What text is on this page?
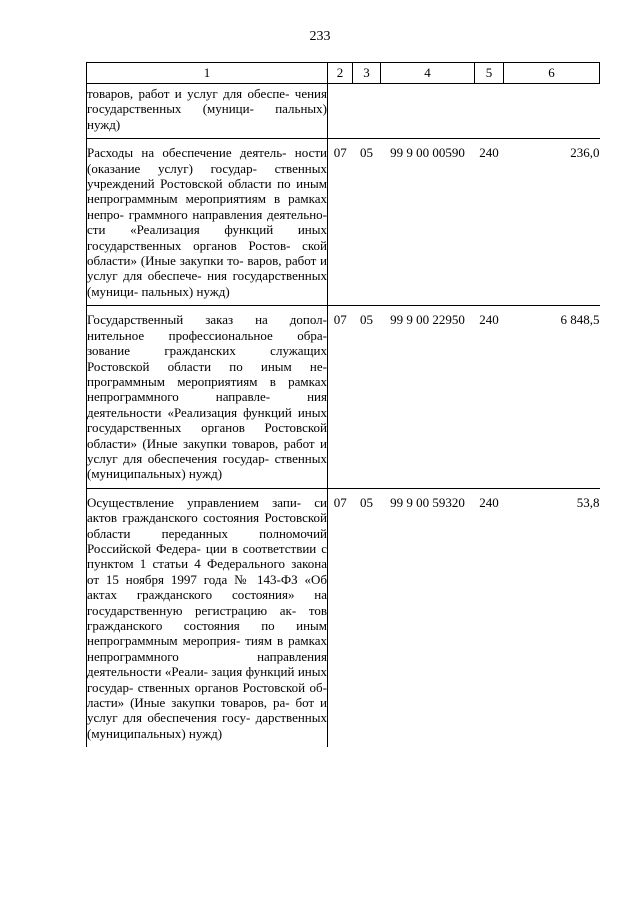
233
1	2	3	4	5	6
товаров, работ и услуг для обеспе- чения государственных (муници- пальных) нужд)					
Расходы на обеспечение деятель- ности (оказание услуг) государ- ственных учреждений Ростовской области по иным непрограммным мероприятиям в рамках непро- граммного направления деятельно- сти «Реализация функций иных государственных органов Ростов- ской области» (Иные закупки то- варов, работ и услуг для обеспече- ния государственных (муници- пальных) нужд)	07	05	99 9 00 00590	240	236,0
Государственный заказ на допол- нительное профессиональное обра- зование гражданских служащих Ростовской области по иным не- программным мероприятиям в рамках непрограммного направле- ния деятельности «Реализация функций иных государственных органов Ростовской области» (Иные закупки товаров, работ и услуг для обеспечения государ- ственных (муниципальных) нужд)	07	05	99 9 00 22950	240	6 848,5
Осуществление управлением запи- си актов гражданского состояния Ростовской области переданных полномочий Российской Федера- ции в соответствии с пунктом 1 статьи 4 Федерального закона от 15 ноября 1997 года № 143-ФЗ «Об актах гражданского состояния» на государственную регистрацию ак- тов гражданского состояния по иным непрограммным мероприя- тиям в рамках непрограммного направления деятельности «Реали- зация функций иных государ- ственных органов Ростовской об- ласти» (Иные закупки товаров, ра- бот и услуг для обеспечения госу- дарственных (муниципальных) нужд)	07	05	99 9 00 59320	240	53,8
